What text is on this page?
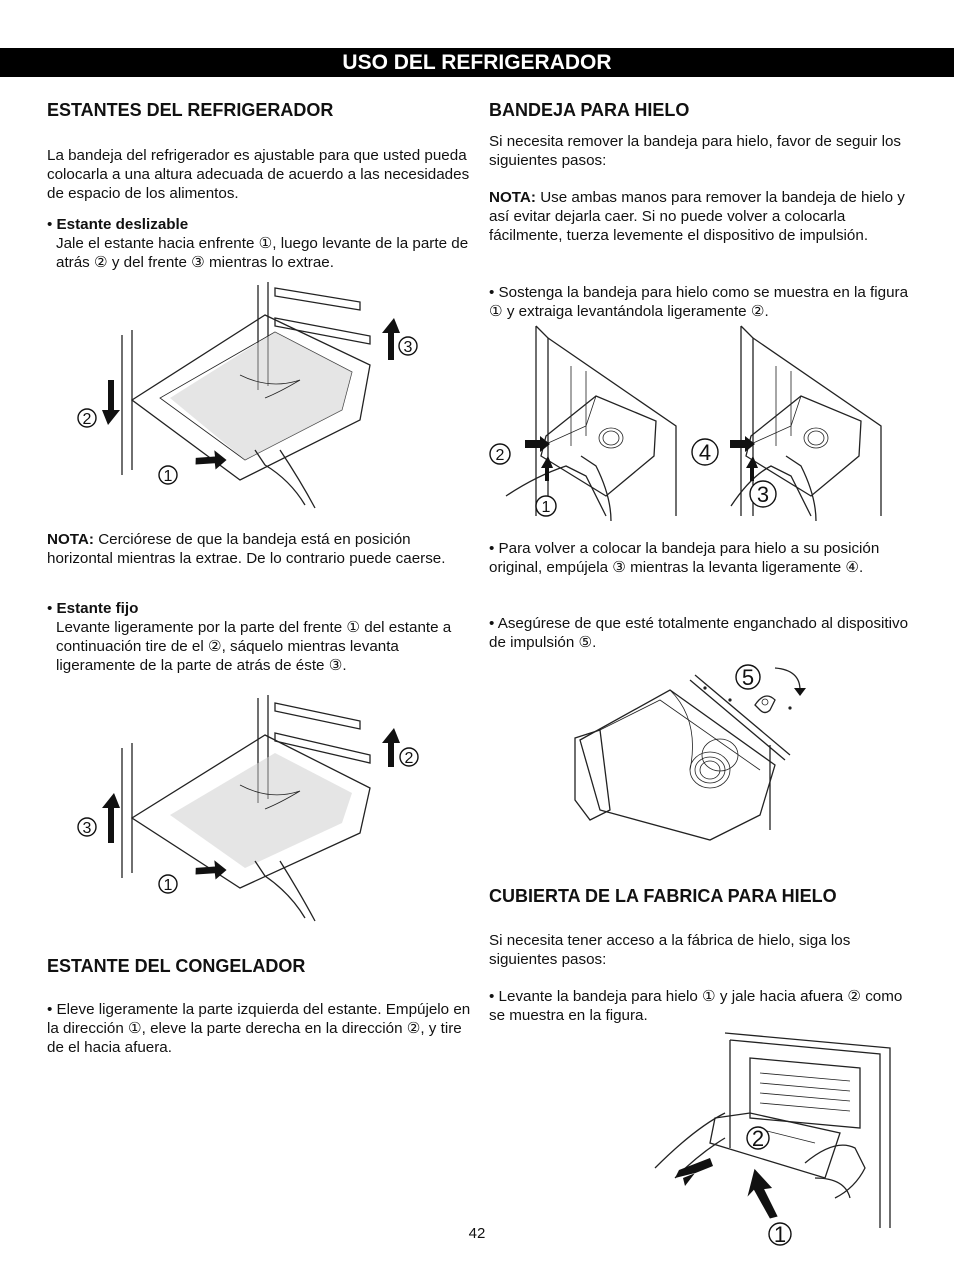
USO DEL REFRIGERADOR
ESTANTES DEL REFRIGERADOR

La bandeja del refrigerador es ajustable para que usted pueda colocarla a una altura adecuada de acuerdo a las necesidades de espacio de los alimentos.

• Estante deslizable
Jale el estante hacia enfrente ①, luego levante de la parte de atrás ② y del frente ③ mientras lo extrae.
2
1
3

NOTA: Cerciórese de que la bandeja está en posición horizontal mientras la extrae. De lo contrario puede caerse.

• Estante fijo
Levante ligeramente por la parte del frente ① del estante a continuación tire de el ②, sáquelo mientras levanta ligeramente de la parte de atrás de éste ③.
3
1
2
ESTANTE DEL CONGELADOR
• Eleve ligeramente la parte izquierda del estante. Empújelo en la dirección ①, eleve la parte derecha en la dirección ②, y tire de el hacia afuera.
BANDEJA PARA HIELO

Si necesita remover la bandeja para hielo, favor de seguir los siguientes pasos:

NOTA: Use ambas manos para remover la bandeja de hielo y así evitar dejarla caer. Si no puede volver a colocarla fácilmente, tuerza levemente el dispositivo de impulsión.

• Sostenga la bandeja para hielo como se muestra en la figura ① y extraiga levantándola ligeramente ②.
2
1
4
3
• Para volver a colocar la bandeja para hielo a su posición original, empújela ③ mientras la levanta ligeramente ④.
• Asegúrese de que esté totalmente enganchado al dispositivo de impulsión ⑤.
5
CUBIERTA DE LA FABRICA PARA HIELO

Si necesita tener acceso a la fábrica de hielo, siga los siguientes pasos:

• Levante la bandeja para hielo ① y jale hacia afuera ② como se muestra en la figura.
2
1
42
